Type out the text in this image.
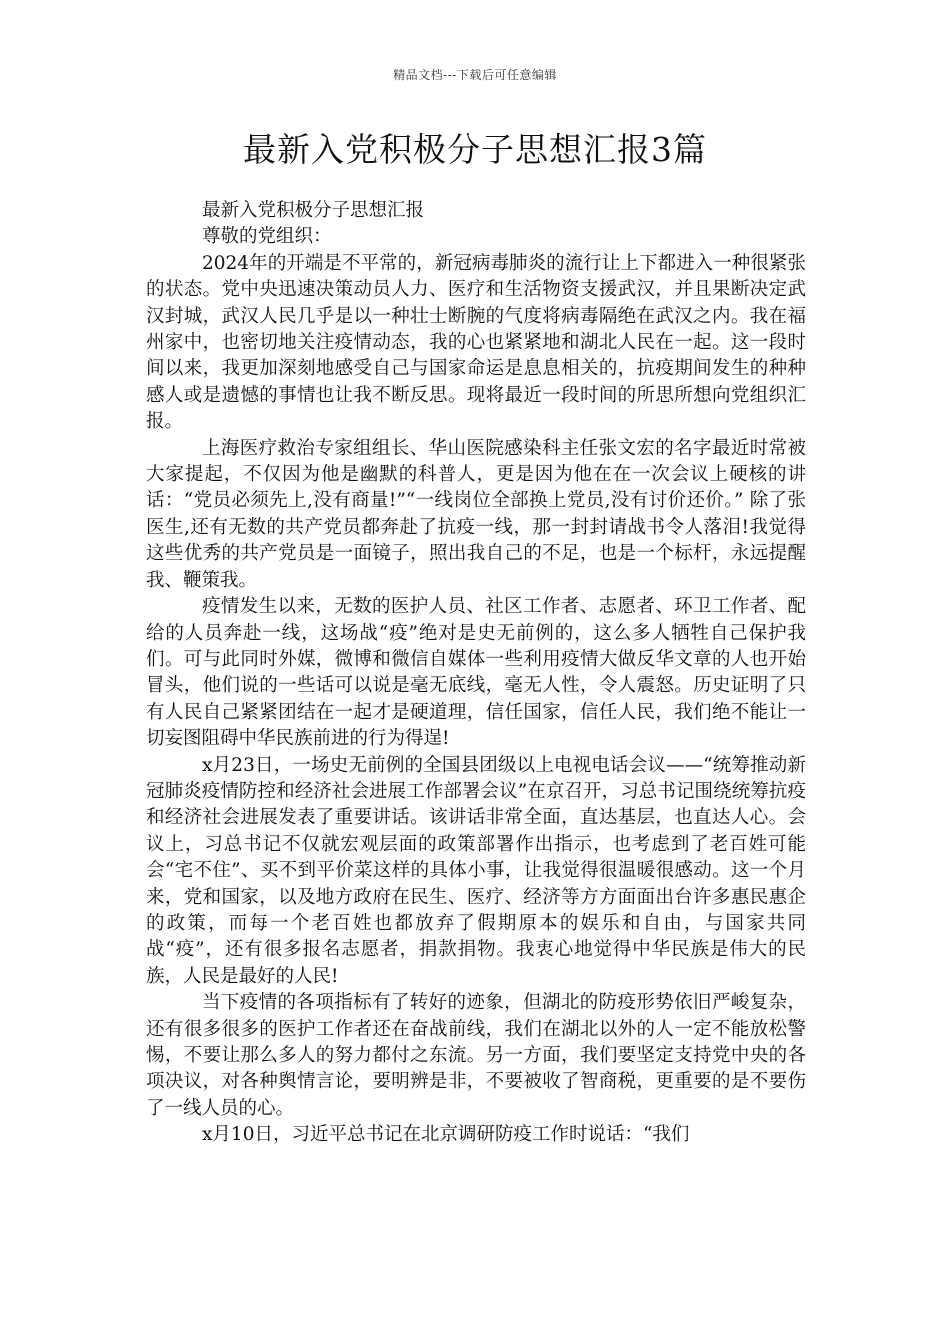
精品文档---下载后可任意编辑
最新入党积极分子思想汇报3篇

最新入党积极分子思想汇报

尊敬的党组织：

2024年的开端是不平常的，新冠病毒肺炎的流行让上下都进入一种很紧张的状态。党中央迅速决策动员人力、医疗和生活物资支援武汉，并且果断决定武汉封城，武汉人民几乎是以一种壮士断腕的气度将病毒隔绝在武汉之内。我在福州家中，也密切地关注疫情动态，我的心也紧紧地和湖北人民在一起。这一段时间以来，我更加深刻地感受自己与国家命运是息息相关的，抗疫期间发生的种种感人或是遗憾的事情也让我不断反思。现将最近一段时间的所思所想向党组织汇报。

上海医疗救治专家组组长、华山医院感染科主任张文宏的名字最近时常被大家提起，不仅因为他是幽默的科普人，更是因为他在在一次会议上硬核的讲话：“党员必须先上,没有商量!”“一线岗位全部换上党员,没有讨价还价。” 除了张医生,还有无数的共产党员都奔赴了抗疫一线，那一封封请战书令人落泪!我觉得这些优秀的共产党员是一面镜子，照出我自己的不足，也是一个标杆，永远提醒我、鞭策我。

疫情发生以来，无数的医护人员、社区工作者、志愿者、环卫工作者、配给的人员奔赴一线，这场战“疫”绝对是史无前例的，这么多人牺牲自己保护我们。可与此同时外媒，微博和微信自媒体一些利用疫情大做反华文章的人也开始冒头，他们说的一些话可以说是毫无底线，毫无人性，令人震怒。历史证明了只有人民自己紧紧团结在一起才是硬道理，信任国家，信任人民，我们绝不能让一切妄图阻碍中华民族前进的行为得逞!

x月23日，一场史无前例的全国县团级以上电视电话会议——“统筹推动新冠肺炎疫情防控和经济社会进展工作部署会议”在京召开，习总书记围绕统筹抗疫和经济社会进展发表了重要讲话。该讲话非常全面，直达基层，也直达人心。会议上，习总书记不仅就宏观层面的政策部署作出指示，也考虑到了老百姓可能会“宅不住”、买不到平价菜这样的具体小事，让我觉得很温暖很感动。这一个月来，党和国家，以及地方政府在民生、医疗、经济等方方面面出台许多惠民惠企的政策，而每一个老百姓也都放弃了假期原本的娱乐和自由，与国家共同战“疫”，还有很多报名志愿者，捐款捐物。我衷心地觉得中华民族是伟大的民族，人民是最好的人民!

当下疫情的各项指标有了转好的迹象，但湖北的防疫形势依旧严峻复杂，还有很多很多的医护工作者还在奋战前线，我们在湖北以外的人一定不能放松警惕，不要让那么多人的努力都付之东流。另一方面，我们要坚定支持党中央的各项决议，对各种舆情言论，要明辨是非，不要被收了智商税，更重要的是不要伤了一线人员的心。

x月10日，习近平总书记在北京调研防疫工作时说话：“我们
